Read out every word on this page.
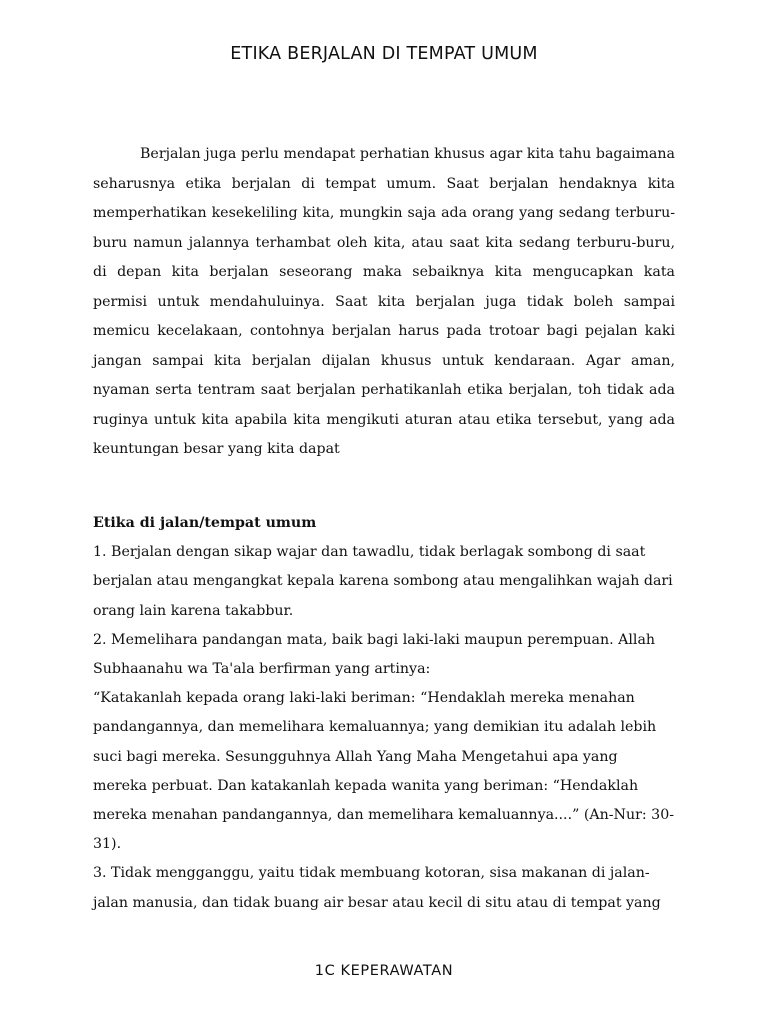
ETIKA BERJALAN DI TEMPAT UMUM

Berjalan juga perlu mendapat perhatian khusus agar kita tahu bagaimana seharusnya etika berjalan di tempat umum. Saat berjalan hendaknya kita memperhatikan kesekeliling kita, mungkin saja ada orang yang sedang terburu-buru namun jalannya terhambat oleh kita, atau saat kita sedang terburu-buru, di depan kita berjalan seseorang maka sebaiknya kita mengucapkan kata permisi untuk mendahuluinya. Saat kita berjalan juga tidak boleh sampai memicu kecelakaan, contohnya berjalan harus pada trotoar bagi pejalan kaki jangan sampai kita berjalan dijalan khusus untuk kendaraan. Agar aman, nyaman serta tentram saat berjalan perhatikanlah etika berjalan, toh tidak ada ruginya untuk kita apabila kita mengikuti aturan atau etika tersebut, yang ada keuntungan besar yang kita dapat

Etika di jalan/tempat umum

1. Berjalan dengan sikap wajar dan tawadlu, tidak berlagak sombong di saat berjalan atau mengangkat kepala karena sombong atau mengalihkan wajah dari orang lain karena takabbur.

2. Memelihara pandangan mata, baik bagi laki-laki maupun perempuan. Allah Subhaanahu wa Ta'ala berfirman yang artinya:

“Katakanlah kepada orang laki-laki beriman: “Hendaklah mereka menahan pandangannya, dan memelihara kemaluannya; yang demikian itu adalah lebih suci bagi mereka. Sesungguhnya Allah Yang Maha Mengetahui apa yang mereka perbuat. Dan katakanlah kepada wanita yang beriman: “Hendaklah mereka menahan pandangannya, dan memelihara kemaluannya....” (An-Nur: 30-31).

3. Tidak mengganggu, yaitu tidak membuang kotoran, sisa makanan di jalan-jalan manusia, dan tidak buang air besar atau kecil di situ atau di tempat yang

1C KEPERAWATAN
